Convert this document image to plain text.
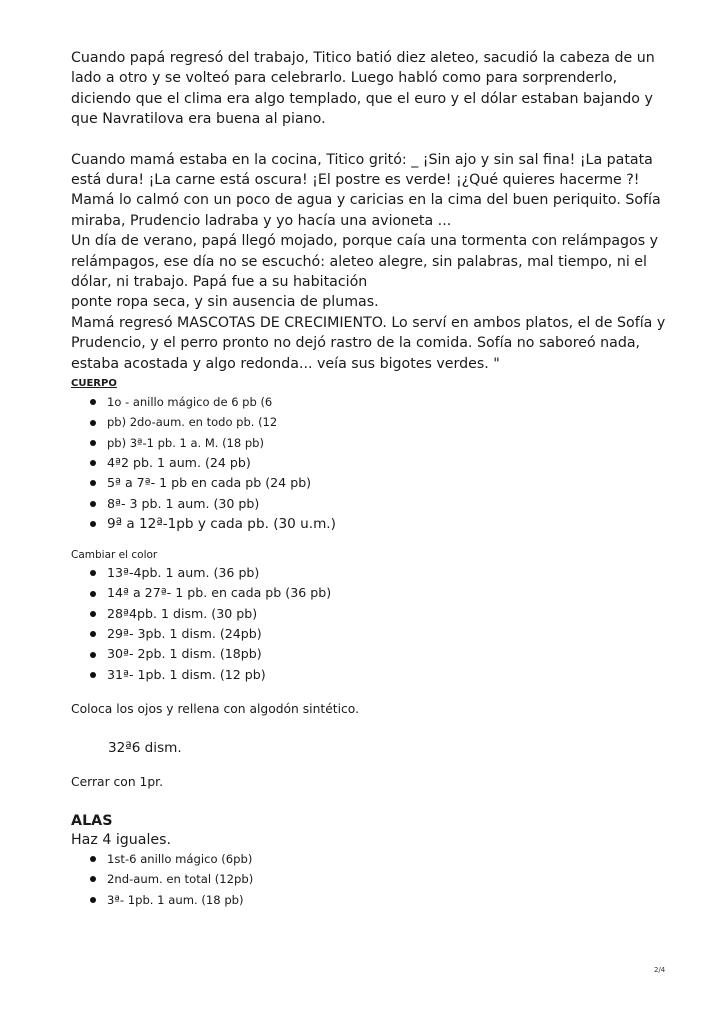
Cuando papá regresó del trabajo, Titico batió diez aleteo, sacudió la cabeza de un lado a otro y se volteó para celebrarlo. Luego habló como para sorprenderlo, diciendo que el clima era algo templado, que el euro y el dólar estaban bajando y que Navratilova era buena al piano.

Cuando mamá estaba en la cocina, Titico gritó: _ ¡Sin ajo y sin sal fina! ¡La patata está dura! ¡La carne está oscura! ¡El postre es verde! ¡¿Qué quieres hacerme ?! Mamá lo calmó con un poco de agua y caricias en la cima del buen periquito. Sofía miraba, Prudencio ladraba y yo hacía una avioneta ...

Un día de verano, papá llegó mojado, porque caía una tormenta con relámpagos y relámpagos, ese día no se escuchó: aleteo alegre, sin palabras, mal tiempo, ni el dólar, ni trabajo. Papá fue a su habitación

ponte ropa seca, y sin ausencia de plumas.

Mamá regresó MASCOTAS DE CRECIMIENTO. Lo serví en ambos platos, el de Sofía y Prudencio, y el perro pronto no dejó rastro de la comida. Sofía no saboreó nada, estaba acostada y algo redonda... veía sus bigotes verdes. "

CUERPO

1o - anillo mágico de 6 pb (6
pb) 2do-aum. en todo pb. (12
pb) 3ª-1 pb. 1 a. M. (18 pb)
4ª2 pb. 1 aum. (24 pb)
5ª a 7ª- 1 pb en cada pb (24 pb)
8ª- 3 pb. 1 aum. (30 pb)
9ª a 12ª-1pb y cada pb. (30 u.m.)

Cambiar el color

13ª-4pb. 1 aum. (36 pb)
14ª a 27ª- 1 pb. en cada pb (36 pb)
28ª4pb. 1 dism. (30 pb)
29ª- 3pb. 1 dism. (24pb)
30ª- 2pb. 1 dism. (18pb)
31ª- 1pb. 1 dism. (12 pb)

Coloca los ojos y rellena con algodón sintético.

32ª6 dism.

Cerrar con 1pr.

ALAS

Haz 4 iguales.

1st-6 anillo mágico (6pb)
2nd-aum. en total (12pb)
3ª- 1pb. 1 aum. (18 pb)
2/4
